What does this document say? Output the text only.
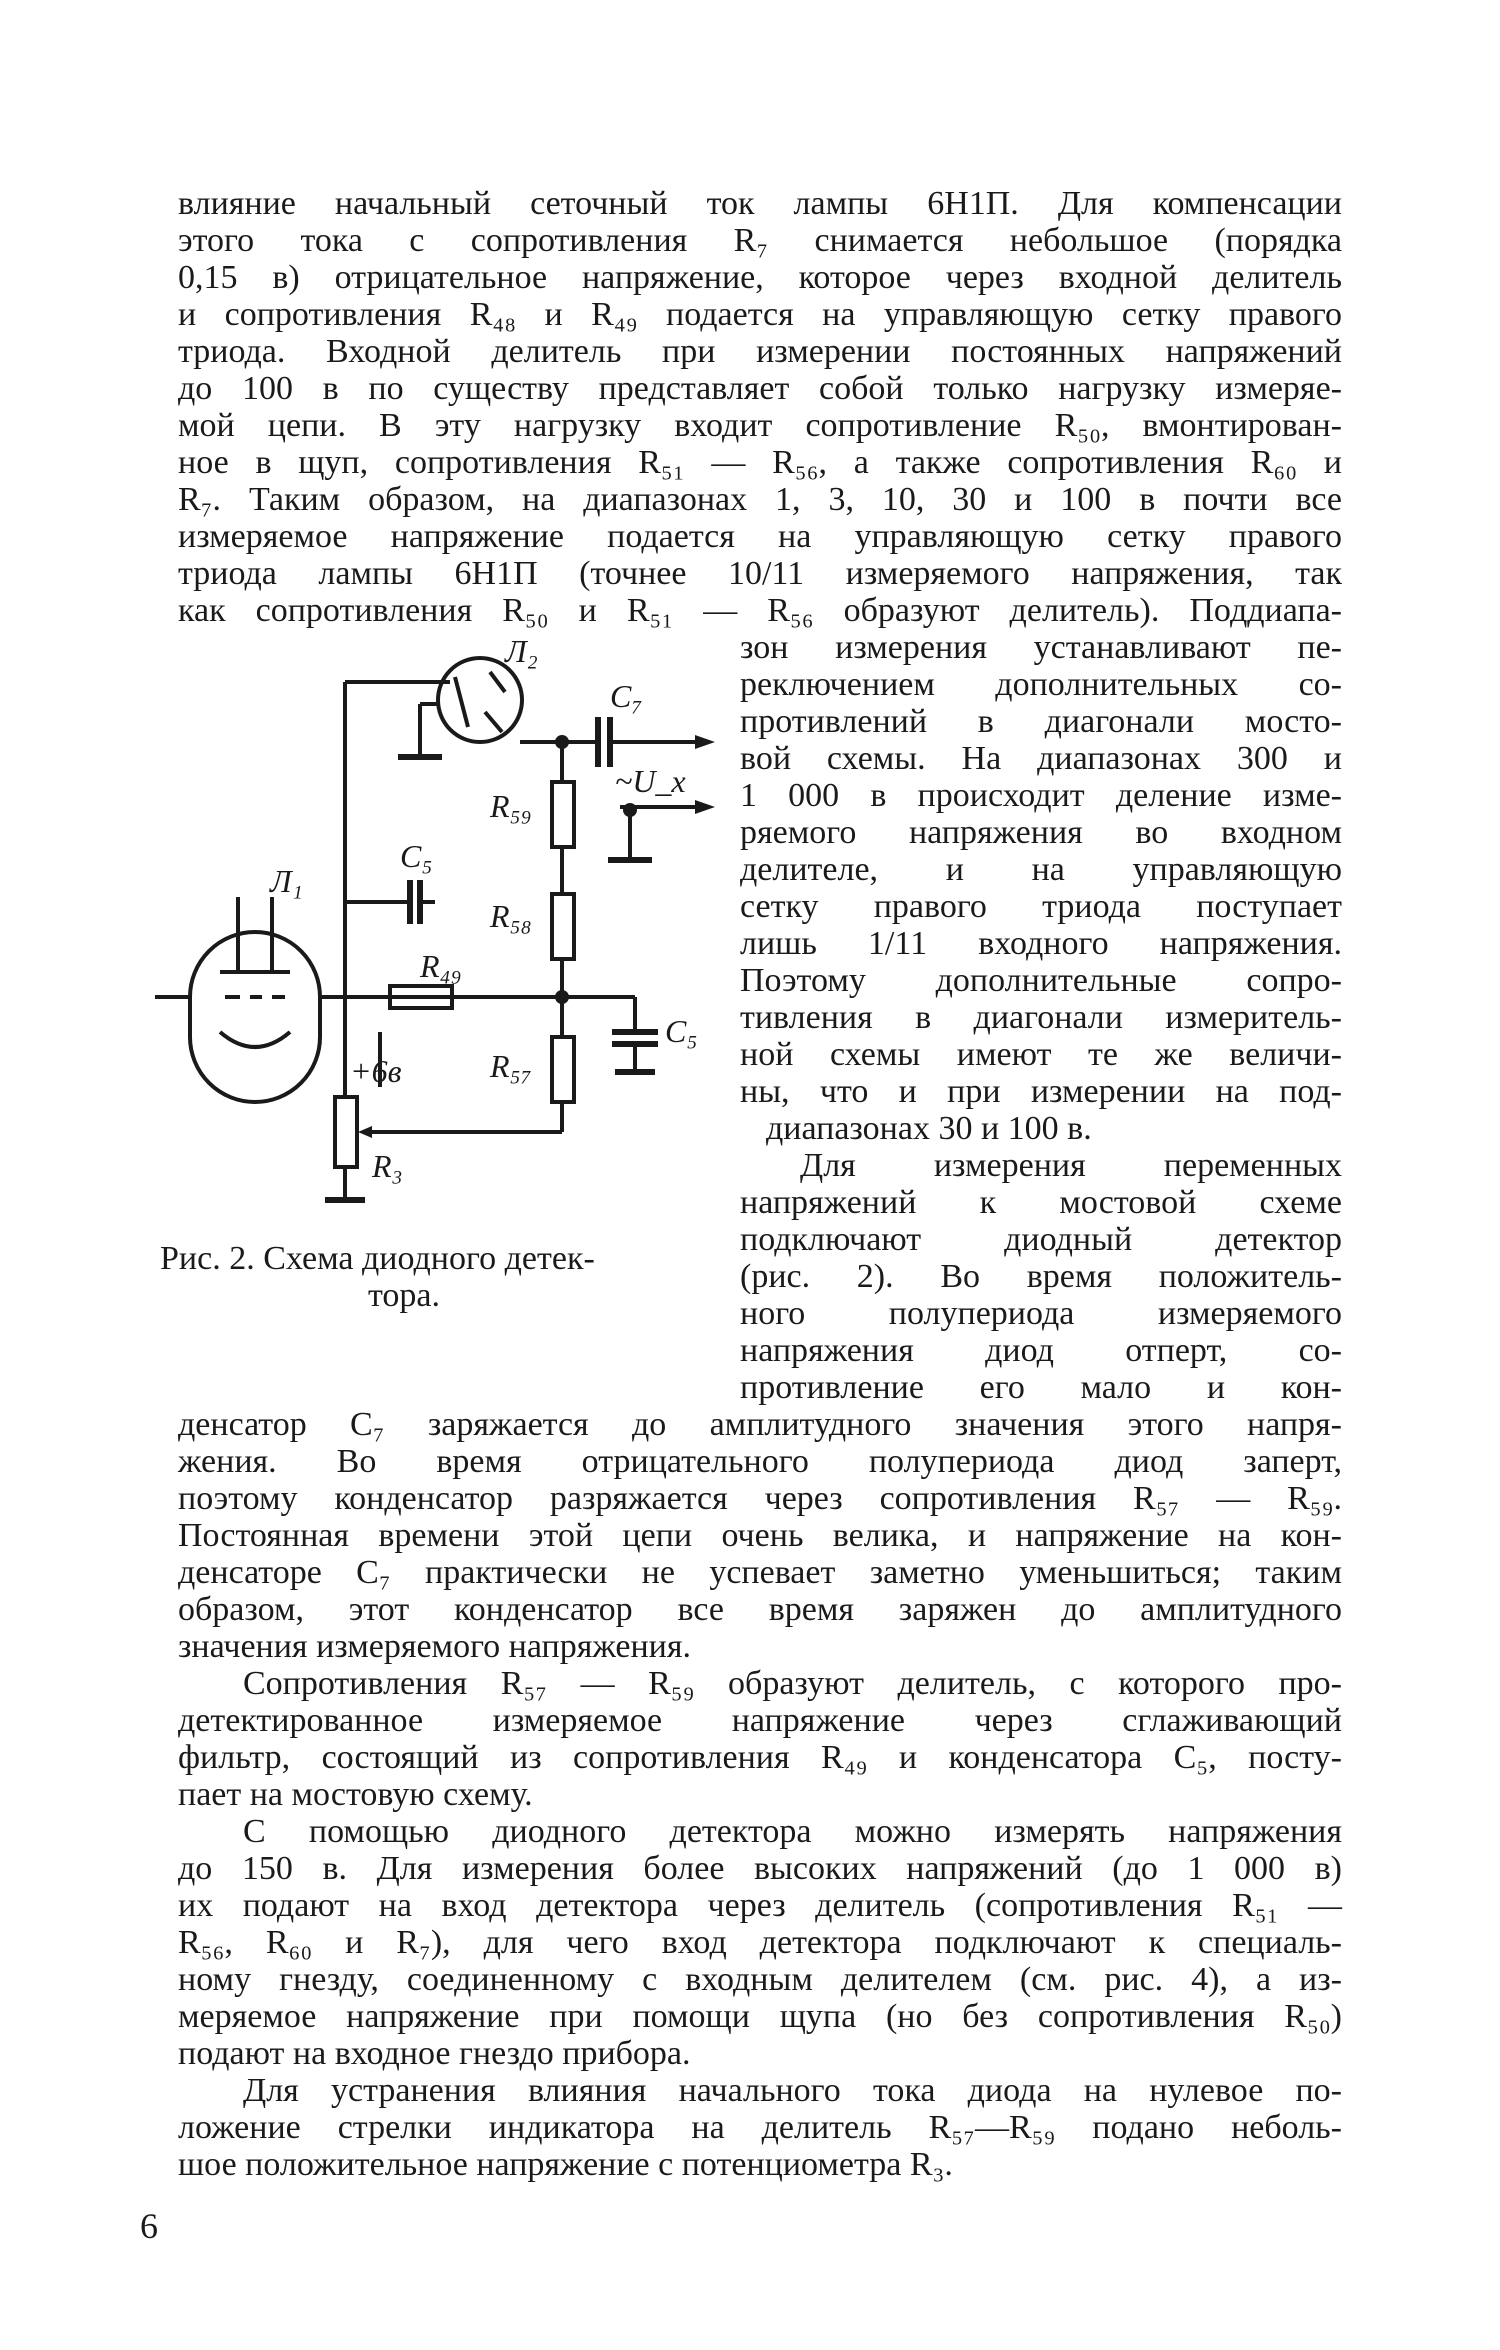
влияние начальный сеточный ток лампы 6Н1П. Для компенсации
этого тока с сопротивления R₇ снимается небольшое (порядка
0,15 в) отрицательное напряжение, которое через входной делитель
и сопротивления R₄₈ и R₄₉ подается на управляющую сетку правого
триода. Входной делитель при измерении постоянных напряжений
до 100 в по существу представляет собой только нагрузку измеряе-
мой цепи. В эту нагрузку входит сопротивление R₅₀, вмонтирован-
ное в щуп, сопротивления R₅₁ — R₅₆, а также сопротивления R₆₀ и
R₇. Таким образом, на диапазонах 1, 3, 10, 30 и 100 в почти все
измеряемое напряжение подается на управляющую сетку правого
триода лампы 6Н1П (точнее 10/11 измеряемого напряжения, так
как сопротивления R₅₀ и R₅₁ — R₅₆ образуют делитель). Поддиапа-
зон измерения устанавливают пе-
реключением дополнительных со-
противлений в диагонали мосто-
вой схемы. На диапазонах 300 и
1 000 в происходит деление изме-
ряемого напряжения во входном
делителе, и на управляющую
сетку правого триода поступает
лишь 1/11 входного напряжения.
Поэтому дополнительные сопро-
тивления в диагонали измеритель-
ной схемы имеют те же величи-
ны, что и при измерении на под-
диапазонах 30 и 100 в.
Для измерения переменных
напряжений к мостовой схеме
подключают диодный детектор
(рис. 2). Во время положитель-
ного полупериода измеряемого
напряжения диод отперт, со-
противление его мало и кон-
Л₂
C₇
~U_x
R₅₉
C₅
Л₁
R₅₈
R₄₉
C₅
+6в	R₅₇
R₃
Рис. 2. Схема диодного детек-
тора.
денсатор C₇ заряжается до амплитудного значения этого напря-
жения. Во время отрицательного полупериода диод заперт,
поэтому конденсатор разряжается через сопротивления R₅₇ — R₅₉.
Постоянная времени этой цепи очень велика, и напряжение на кон-
денсаторе C₇ практически не успевает заметно уменьшиться; таким
образом, этот конденсатор все время заряжен до амплитудного
значения измеряемого напряжения.
Сопротивления R₅₇ — R₅₉ образуют делитель, с которого про-
детектированное измеряемое напряжение через сглаживающий
фильтр, состоящий из сопротивления R₄₉ и конденсатора C₅, посту-
пает на мостовую схему.
С помощью диодного детектора можно измерять напряжения
до 150 в. Для измерения более высоких напряжений (до 1 000 в)
их подают на вход детектора через делитель (сопротивления R₅₁ —
R₅₆, R₆₀ и R₇), для чего вход детектора подключают к специаль-
ному гнезду, соединенному с входным делителем (см. рис. 4), а из-
меряемое напряжение при помощи щупа (но без сопротивления R₅₀)
подают на входное гнездо прибора.
Для устранения влияния начального тока диода на нулевое по-
ложение стрелки индикатора на делитель R₅₇—R₅₉ подано неболь-
шое положительное напряжение с потенциометра R₃.
6
